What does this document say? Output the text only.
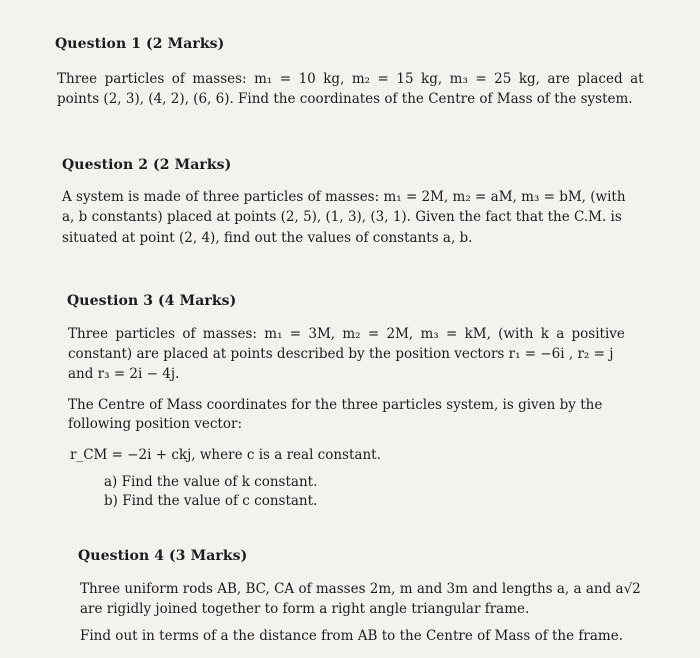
Question 1 (2 Marks)
Three particles of masses: m₁ = 10 kg, m₂ = 15 kg, m₃ = 25 kg, are placed at
points (2, 3), (4, 2), (6, 6). Find the coordinates of the Centre of Mass of the system.
Question 2 (2 Marks)
A system is made of three particles of masses: m₁ = 2M, m₂ = aM, m₃ = bM, (with
a, b constants) placed at points (2, 5), (1, 3), (3, 1). Given the fact that the C.M. is
situated at point (2, 4), find out the values of constants a, b.
Question 3 (4 Marks)
Three particles of masses: m₁ = 3M, m₂ = 2M, m₃ = kM, (with k a positive
constant) are placed at points described by the position vectors r₁ = −6i , r₂ = j
and r₃ = 2i − 4j.
The Centre of Mass coordinates for the three particles system, is given by the
following position vector:
r_CM = −2i + ckj, where c is a real constant.
a) Find the value of k constant.
b) Find the value of c constant.
Question 4 (3 Marks)
Three uniform rods AB, BC, CA of masses 2m, m and 3m and lengths a, a and a√2
are rigidly joined together to form a right angle triangular frame.
Find out in terms of a the distance from AB to the Centre of Mass of the frame.
